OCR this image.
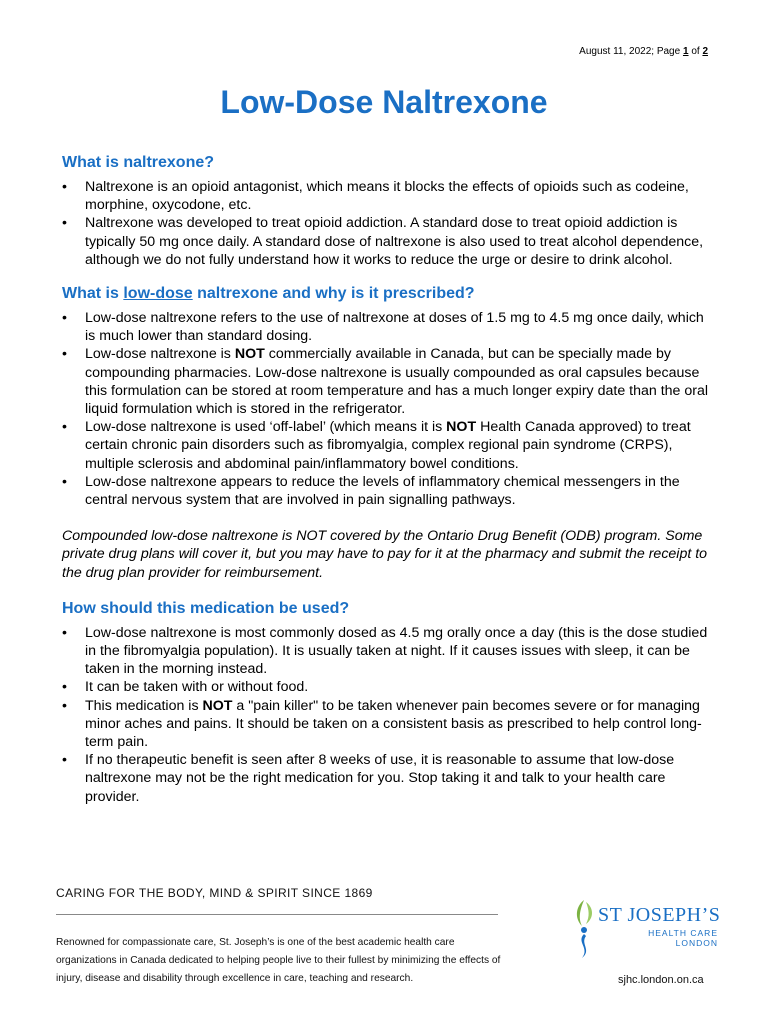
August 11, 2022; Page 1 of 2
Low-Dose Naltrexone
What is naltrexone?
•	Naltrexone is an opioid antagonist, which means it blocks the effects of opioids such as codeine, morphine, oxycodone, etc.
•	Naltrexone was developed to treat opioid addiction. A standard dose to treat opioid addiction is typically 50 mg once daily. A standard dose of naltrexone is also used to treat alcohol dependence, although we do not fully understand how it works to reduce the urge or desire to drink alcohol.
What is low-dose naltrexone and why is it prescribed?
•	Low-dose naltrexone refers to the use of naltrexone at doses of 1.5 mg to 4.5 mg once daily, which is much lower than standard dosing.
•	Low-dose naltrexone is NOT commercially available in Canada, but can be specially made by compounding pharmacies. Low-dose naltrexone is usually compounded as oral capsules because this formulation can be stored at room temperature and has a much longer expiry date than the oral liquid formulation which is stored in the refrigerator.
•	Low-dose naltrexone is used ‘off-label’ (which means it is NOT Health Canada approved) to treat certain chronic pain disorders such as fibromyalgia, complex regional pain syndrome (CRPS), multiple sclerosis and abdominal pain/inflammatory bowel conditions.
•	Low-dose naltrexone appears to reduce the levels of inflammatory chemical messengers in the central nervous system that are involved in pain signalling pathways.

Compounded low-dose naltrexone is NOT covered by the Ontario Drug Benefit (ODB) program. Some private drug plans will cover it, but you may have to pay for it at the pharmacy and submit the receipt to the drug plan provider for reimbursement.

How should this medication be used?
•	Low-dose naltrexone is most commonly dosed as 4.5 mg orally once a day (this is the dose studied in the fibromyalgia population). It is usually taken at night. If it causes issues with sleep, it can be taken in the morning instead.
•	It can be taken with or without food.
•	This medication is NOT a "pain killer" to be taken whenever pain becomes severe or for managing minor aches and pains. It should be taken on a consistent basis as prescribed to help control long-term pain.
•	If no therapeutic benefit is seen after 8 weeks of use, it is reasonable to assume that low-dose naltrexone may not be the right medication for you. Stop taking it and talk to your health care provider.
CARING FOR THE BODY, MIND & SPIRIT SINCE 1869
Renowned for compassionate care, St. Joseph’s is one of the best academic health care organizations in Canada dedicated to helping people live to their fullest by minimizing the effects of injury, disease and disability through excellence in care, teaching and research.
ST JOSEPH’S
HEALTH CARE
LONDON
sjhc.london.on.ca
